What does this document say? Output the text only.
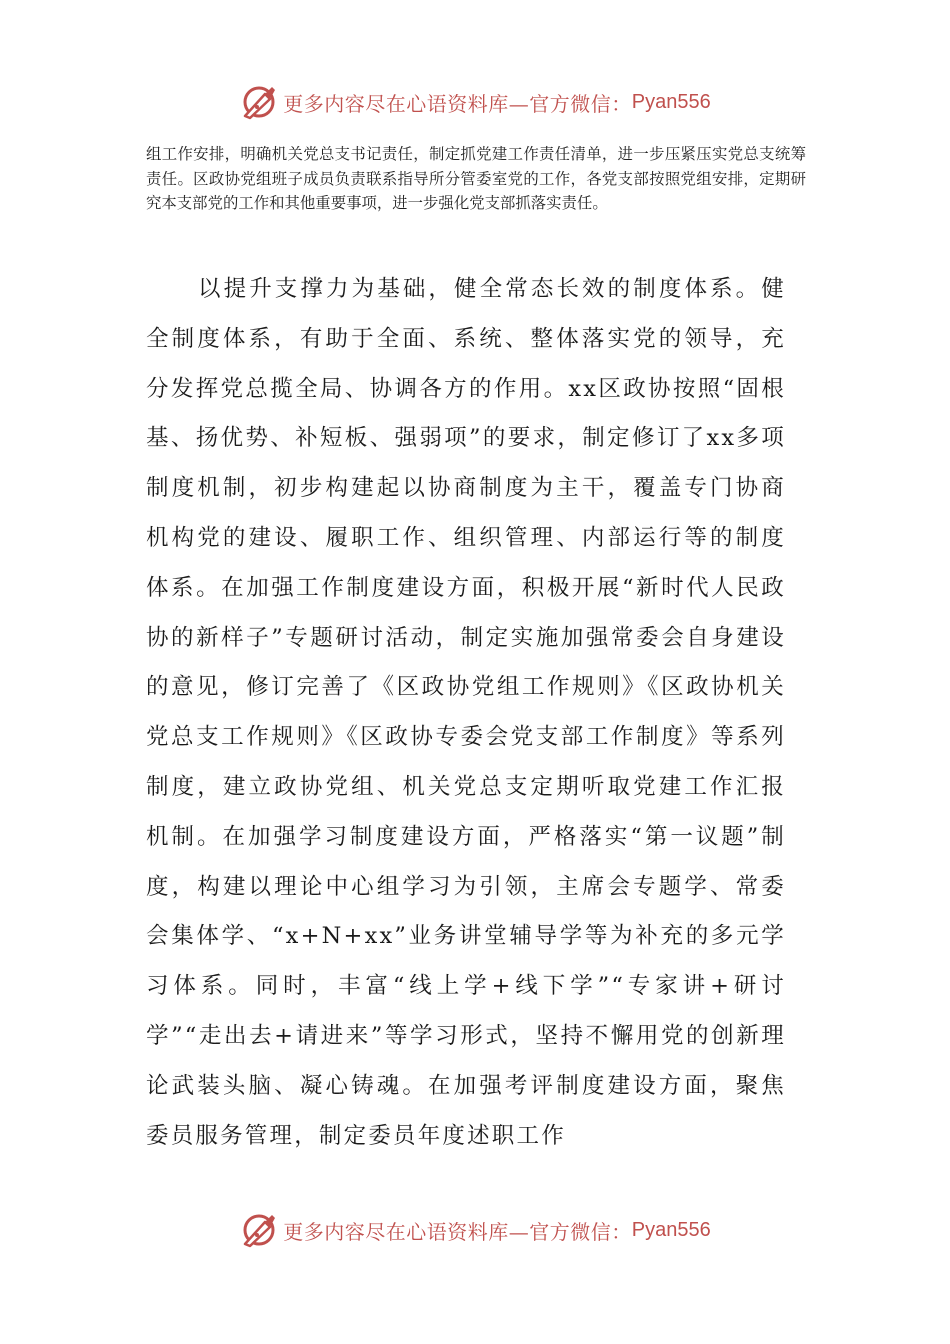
更多内容尽在心语资料库—官方微信： Pyan556

组工作安排，明确机关党总支书记责任，制定抓党建工作责任清单，进一步压紧压实党总支统筹责任。区政协党组班子成员负责联系指导所分管委室党的工作，各党支部按照党组安排，定期研究本支部党的工作和其他重要事项，进一步强化党支部抓落实责任。

以提升支撑力为基础，健全常态长效的制度体系。健全制度体系，有助于全面、系统、整体落实党的领导，充分发挥党总揽全局、协调各方的作用。xx区政协按照“固根基、扬优势、补短板、强弱项”的要求，制定修订了xx多项制度机制，初步构建起以协商制度为主干，覆盖专门协商机构党的建设、履职工作、组织管理、内部运行等的制度体系。在加强工作制度建设方面，积极开展“新时代人民政协的新样子”专题研讨活动，制定实施加强常委会自身建设的意见，修订完善了《区政协党组工作规则》《区政协机关党总支工作规则》《区政协专委会党支部工作制度》等系列制度，建立政协党组、机关党总支定期听取党建工作汇报机制。在加强学习制度建设方面，严格落实“第一议题”制度，构建以理论中心组学习为引领，主席会专题学、常委会集体学、“x+N+xx”业务讲堂辅导学等为补充的多元学习体系。同时，丰富“线上学+线下学”“专家讲+研讨学”“走出去+请进来”等学习形式，坚持不懈用党的创新理论武装头脑、凝心铸魂。在加强考评制度建设方面，聚焦委员服务管理，制定委员年度述职工作

更多内容尽在心语资料库—官方微信： Pyan556
